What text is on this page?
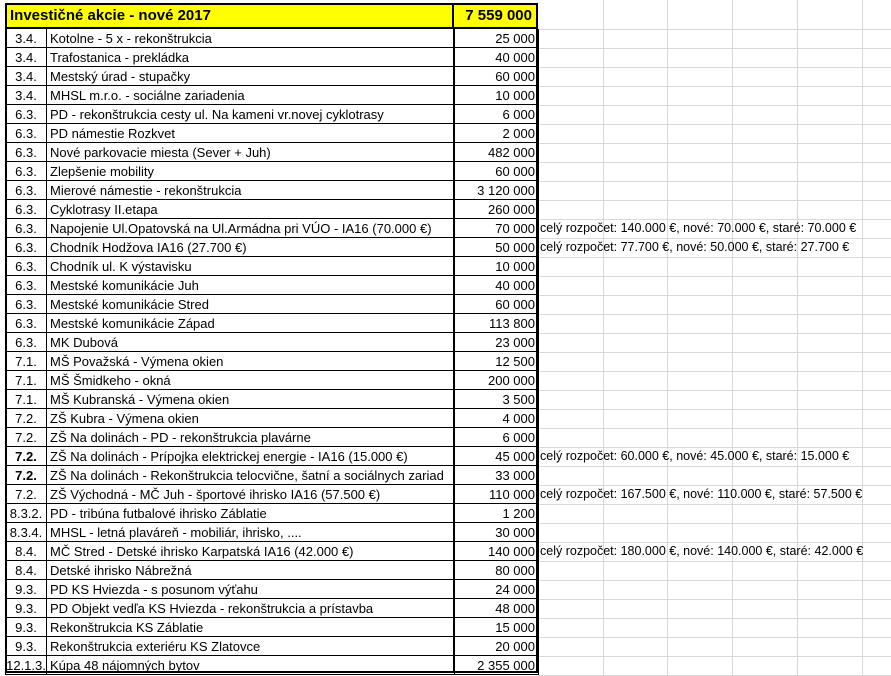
Investičné akcie - nové 2017	7 559 000
3.4.	Kotolne - 5 x - rekonštrukcia	25 000
3.4.	Trafostanica - prekládka	40 000
3.4.	Mestský úrad - stupačky	60 000
3.4.	MHSL m.r.o. - sociálne zariadenia	10 000
6.3.	PD - rekonštrukcia cesty ul. Na kameni vr.novej cyklotrasy	6 000
6.3.	PD námestie Rozkvet	2 000
6.3.	Nové parkovacie miesta (Sever + Juh)	482 000
6.3.	Zlepšenie mobility	60 000
6.3.	Mierové námestie - rekonštrukcia	3 120 000
6.3.	Cyklotrasy II.etapa	260 000
6.3.	Napojenie Ul.Opatovská na Ul.Armádna pri VÚO - IA16 (70.000 €)	70 000 celý rozpočet: 140.000 €, nové: 70.000 €, staré: 70.000 €
6.3.	Chodník Hodžova IA16 (27.700 €)	50 000 celý rozpočet: 77.700 €, nové: 50.000 €, staré: 27.700 €
6.3.	Chodník ul. K výstavisku	10 000
6.3.	Mestské komunikácie Juh	40 000
6.3.	Mestské komunikácie Stred	60 000
6.3.	Mestské komunikácie Západ	113 800
6.3.	MK Dubová	23 000
7.1.	MŠ Považská - Výmena okien	12 500
7.1.	MŠ Šmidkeho - okná	200 000
7.1.	MŠ Kubranská - Výmena okien	3 500
7.2.	ZŠ Kubra - Výmena okien	4 000
7.2.	ZŠ Na dolinách - PD - rekonštrukcia plavárne	6 000
7.2.	ZŠ Na dolinách - Prípojka elektrickej energie - IA16 (15.000 €)	45 000 celý rozpočet: 60.000 €, nové: 45.000 €, staré: 15.000 €
7.2.	ZŠ Na dolinách - Rekonštrukcia telocvične, šatní a sociálnych zariad	33 000
7.2.	ZŠ Východná - MČ Juh - športové ihrisko IA16 (57.500 €)	110 000 celý rozpočet: 167.500 €, nové: 110.000 €, staré: 57.500 €
8.3.2. PD - tribúna futbalové ihrisko Záblatie	1 200
8.3.4. MHSL - letná plaváreň - mobiliár, ihrisko, ....	30 000
8.4.	MČ Stred - Detské ihrisko Karpatská IA16 (42.000 €)	140 000 celý rozpočet: 180.000 €, nové: 140.000 €, staré: 42.000 €
8.4.	Detské ihrisko Nábrežná	80 000
9.3.	PD KS Hviezda - s posunom výťahu	24 000
9.3.	PD Objekt vedľa KS Hviezda - rekonštrukcia a prístavba	48 000
9.3.	Rekonštrukcia KS Záblatie	15 000
9.3.	Rekonštrukcia exteriéru KS Zlatovce	20 000
12.1.3. Kúpa 48 nájomných bytov	2 355 000
